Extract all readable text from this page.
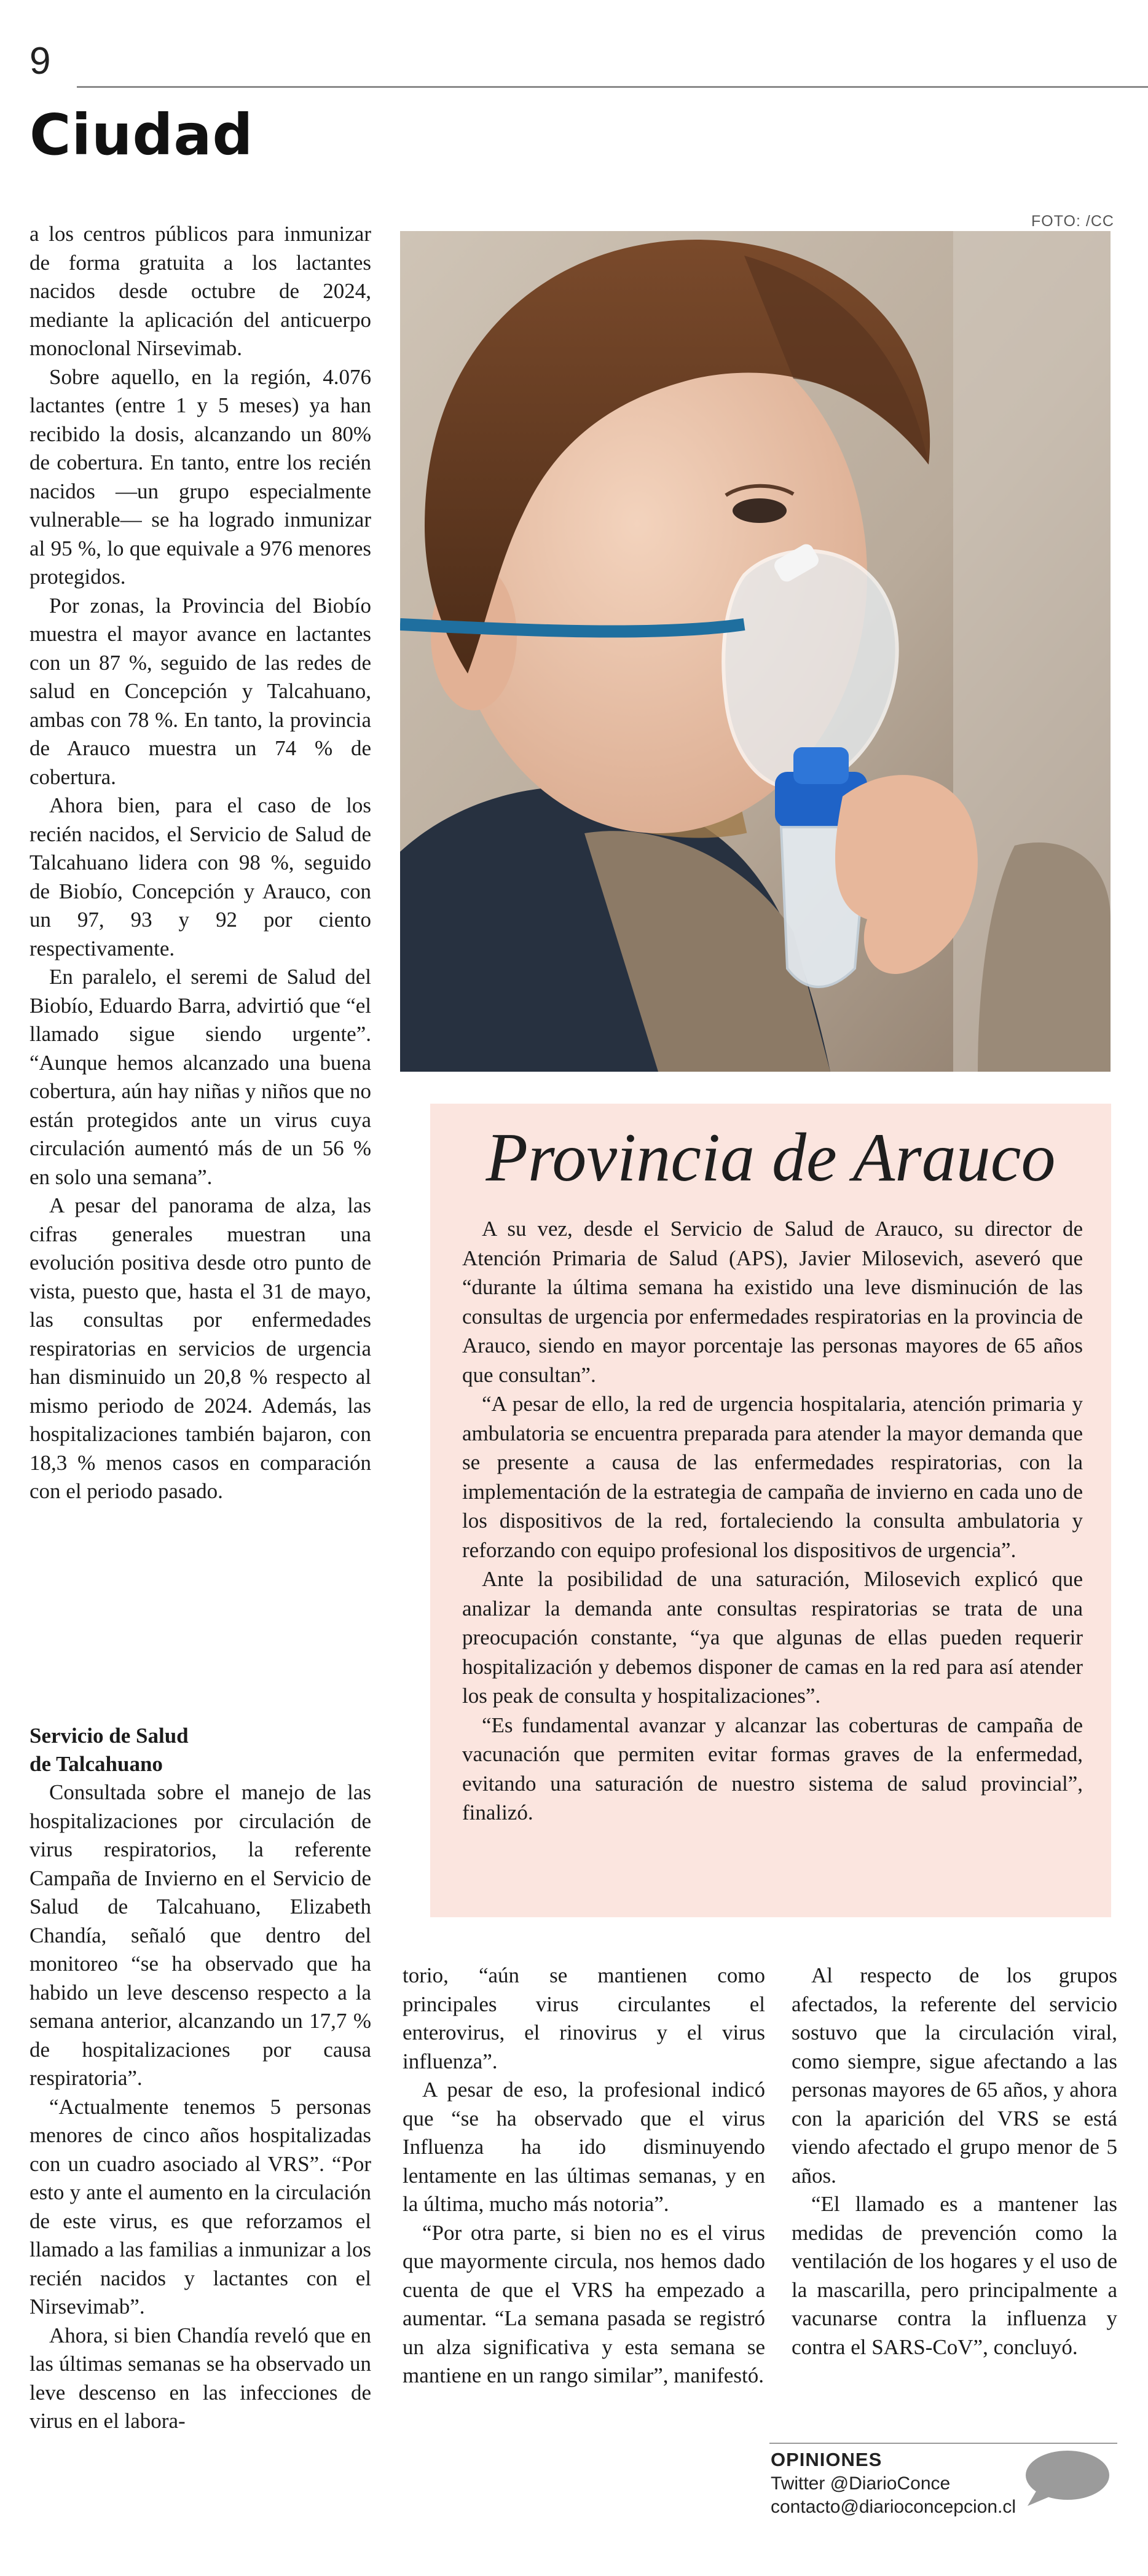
9
Ciudad
FOTO: /CC

a los centros públicos para inmunizar de forma gratuita a los lactantes nacidos desde octubre de 2024, mediante la aplicación del anticuerpo monoclonal Nirsevimab.

Sobre aquello, en la región, 4.076 lactantes (entre 1 y 5 meses) ya han recibido la dosis, alcanzando un 80% de cobertura. En tanto, entre los recién nacidos —un grupo especialmente vulnerable— se ha logrado inmunizar al 95 %, lo que equivale a 976 menores protegidos.

Por zonas, la Provincia del Biobío muestra el mayor avance en lactantes con un 87 %, seguido de las redes de salud en Concepción y Talcahuano, ambas con 78 %. En tanto, la provincia de Arauco muestra un 74 % de cobertura.

Ahora bien, para el caso de los recién nacidos, el Servicio de Salud de Talcahuano lidera con 98 %, seguido de Biobío, Concepción y Arauco, con un 97, 93 y 92 por ciento respectivamente.

En paralelo, el seremi de Salud del Biobío, Eduardo Barra, advirtió que “el llamado sigue siendo urgente”. “Aunque hemos alcanzado una buena cobertura, aún hay niñas y niños que no están protegidos ante un virus cuya circulación aumentó más de un 56 % en solo una semana”.

A pesar del panorama de alza, las cifras generales muestran una evolución positiva desde otro punto de vista, puesto que, hasta el 31 de mayo, las consultas por enfermedades respiratorias en servicios de urgencia han disminuido un 20,8 % respecto al mismo periodo de 2024. Además, las hospitalizaciones también bajaron, con 18,3 % menos casos en comparación con el periodo pasado.

Servicio de Salud
de Talcahuano

Consultada sobre el manejo de las hospitalizaciones por circulación de virus respiratorios, la referente Campaña de Invierno en el Servicio de Salud de Talcahuano, Elizabeth Chandía, señaló que dentro del monitoreo “se ha observado que ha habido un leve descenso respecto a la semana anterior, alcanzando un 17,7 % de hospitalizaciones por causa respiratoria”.

“Actualmente tenemos 5 personas menores de cinco años hospitalizadas con un cuadro asociado al VRS”. “Por esto y ante el aumento en la circulación de este virus, es que reforzamos el llamado a las familias a inmunizar a los recién nacidos y lactantes con el Nirsevimab”.

Ahora, si bien Chandía reveló que en las últimas semanas se ha observado un leve descenso en las infecciones de virus en el labora-

Provincia de Arauco

A su vez, desde el Servicio de Salud de Arauco, su director de Atención Primaria de Salud (APS), Javier Milosevich, aseveró que “durante la última semana ha existido una leve disminución de las consultas de urgencia por enfermedades respiratorias en la provincia de Arauco, siendo en mayor porcentaje las personas mayores de 65 años que consultan”.

“A pesar de ello, la red de urgencia hospitalaria, atención primaria y ambulatoria se encuentra preparada para atender la mayor demanda que se presente a causa de las enfermedades respiratorias, con la implementación de la estrategia de campaña de invierno en cada uno de los dispositivos de la red, fortaleciendo la consulta ambulatoria y reforzando con equipo profesional los dispositivos de urgencia”.

Ante la posibilidad de una saturación, Milosevich explicó que analizar la demanda ante consultas respiratorias se trata de una preocupación constante, “ya que algunas de ellas pueden requerir hospitalización y debemos disponer de camas en la red para así atender los peak de consulta y hospitalizaciones”.

“Es fundamental avanzar y alcanzar las coberturas de campaña de vacunación que permiten evitar formas graves de la enfermedad, evitando una saturación de nuestro sistema de salud provincial”, finalizó.

torio, “aún se mantienen como principales virus circulantes el enterovirus, el rinovirus y el virus influenza”.

A pesar de eso, la profesional indicó que “se ha observado que el virus Influenza ha ido disminuyendo lentamente en las últimas semanas, y en la última, mucho más notoria”.

“Por otra parte, si bien no es el virus que mayormente circula, nos hemos dado cuenta de que el VRS ha empezado a aumentar. “La semana pasada se registró un alza significativa y esta semana se mantiene en un rango similar”, manifestó.

Al respecto de los grupos afectados, la referente del servicio sostuvo que la circulación viral, como siempre, sigue afectando a las personas mayores de 65 años, y ahora con la aparición del VRS se está viendo afectado el grupo menor de 5 años.

“El llamado es a mantener las medidas de prevención como la ventilación de los hogares y el uso de la mascarilla, pero principalmente a vacunarse contra la influenza y contra el SARS-CoV”, concluyó.

OPINIONES
Twitter @DiarioConce
contacto@diarioconcepcion.cl
